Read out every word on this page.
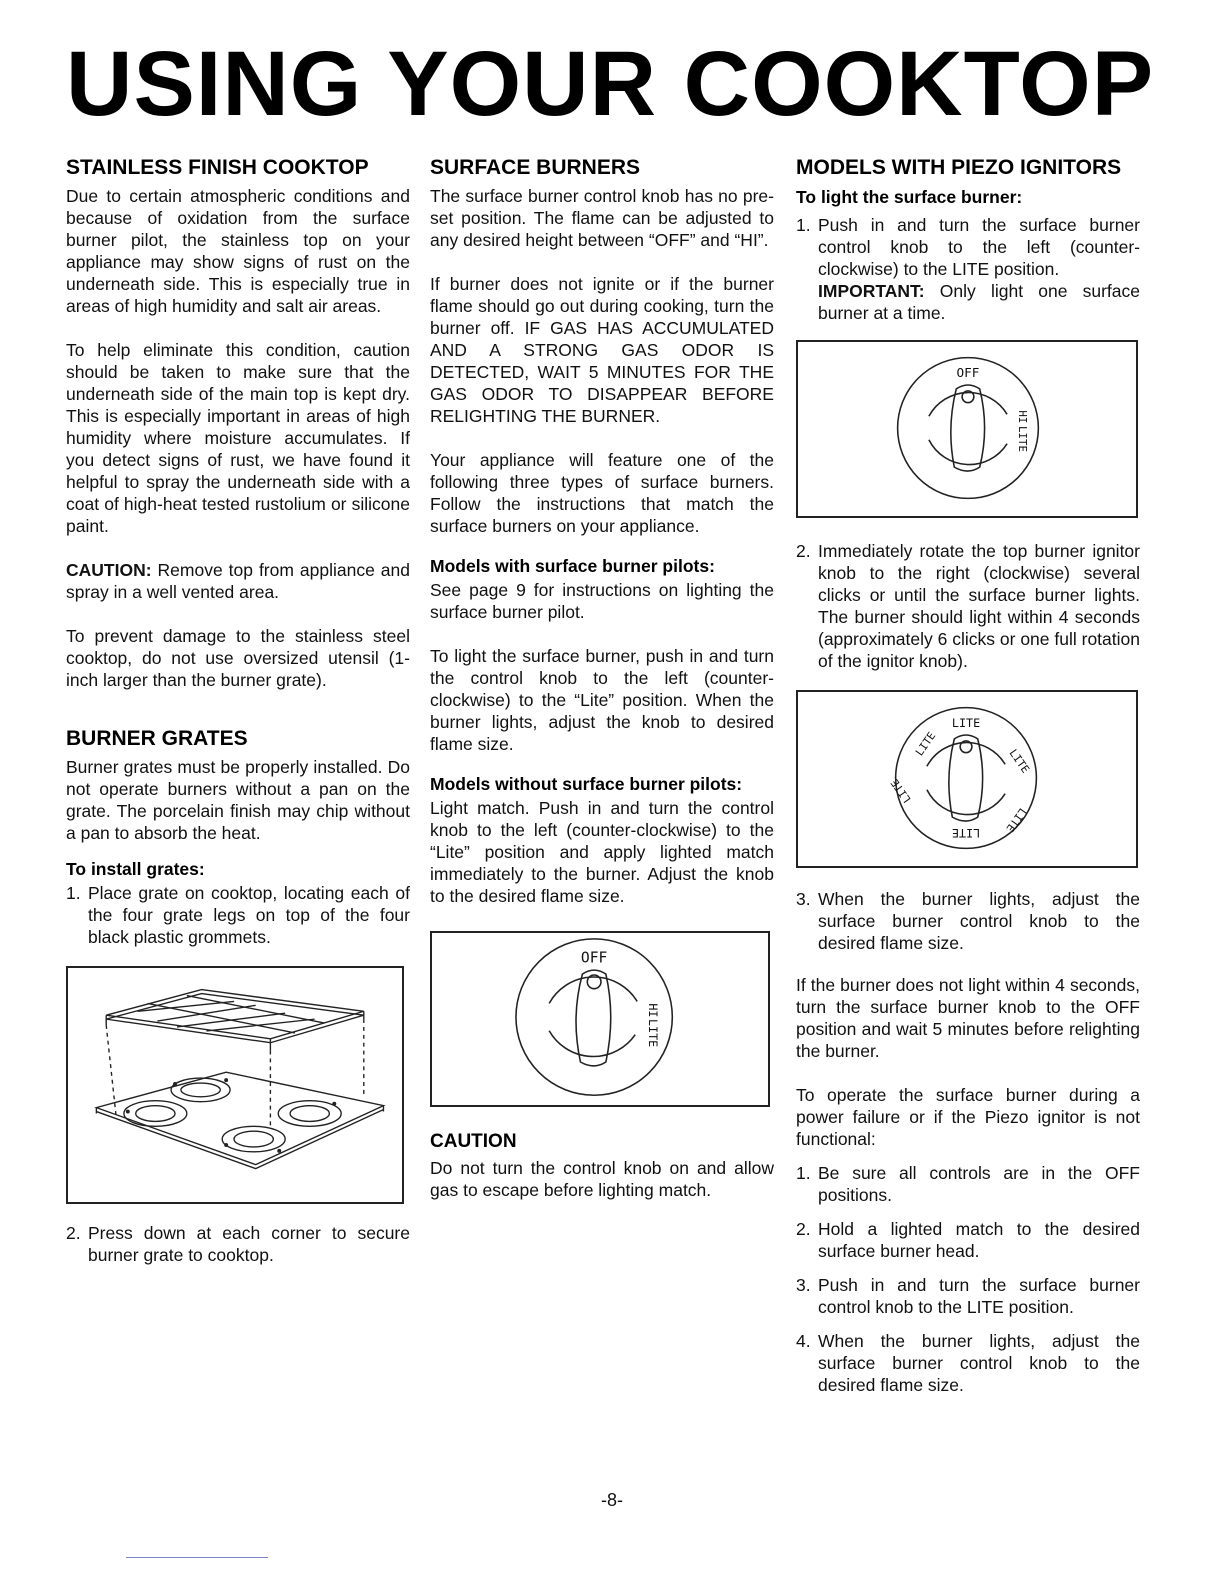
USING YOUR COOKTOP
STAINLESS FINISH COOKTOP

Due to certain atmospheric conditions and because of oxidation from the surface burner pilot, the stainless top on your appliance may show signs of rust on the underneath side. This is especially true in areas of high humidity and salt air areas.

To help eliminate this condition, caution should be taken to make sure that the underneath side of the main top is kept dry. This is especially important in areas of high humidity where moisture accumulates. If you detect signs of rust, we have found it helpful to spray the underneath side with a coat of high-heat tested rustolium or silicone paint.

CAUTION: Remove top from appliance and spray in a well vented area.

To prevent damage to the stainless steel cooktop, do not use oversized utensil (1-inch larger than the burner grate).

BURNER GRATES

Burner grates must be properly installed. Do not operate burners without a pan on the grate. The porcelain finish may chip without a pan to absorb the heat.

To install grates:
1. Place grate on cooktop, locating each of the four grate legs on top of the four black plastic grommets.
2. Press down at each corner to secure burner grate to cooktop.
SURFACE BURNERS

The surface burner control knob has no pre-set position. The flame can be adjusted to any desired height between “OFF” and “HI”.

If burner does not ignite or if the burner flame should go out during cooking, turn the burner off. IF GAS HAS ACCUMULATED AND A STRONG GAS ODOR IS DETECTED, WAIT 5 MINUTES FOR THE GAS ODOR TO DISAPPEAR BEFORE RELIGHTING THE BURNER.

Your appliance will feature one of the following three types of surface burners. Follow the instructions that match the surface burners on your appliance.

Models with surface burner pilots:

See page 9 for instructions on lighting the surface burner pilot.

To light the surface burner, push in and turn the control knob to the left (counter-clockwise) to the “Lite” position. When the burner lights, adjust the knob to desired flame size.

Models without surface burner pilots:

Light match. Push in and turn the control knob to the left (counter-clockwise) to the “Lite” position and apply lighted match immediately to the burner. Adjust the knob to the desired flame size.

OFF
HI
LITE
CAUTION

Do not turn the control knob on and allow gas to escape before lighting match.

MODELS WITH PIEZO IGNITORS
To light the surface burner:
1. Push in and turn the surface burner control knob to the left (counter-clockwise) to the LITE position.
IMPORTANT: Only light one surface burner at a time.
OFF
HI
LITE
2. Immediately rotate the top burner ignitor knob to the right (clockwise) several clicks or until the surface burner lights. The burner should light within 4 seconds (approximately 6 clicks or one full rotation of the ignitor knob).
LITE
LITE
LITE
LITE
LITE
LITE
3. When the burner lights, adjust the surface burner control knob to the desired flame size.

If the burner does not light within 4 seconds, turn the surface burner knob to the OFF position and wait 5 minutes before relighting the burner.

To operate the surface burner during a power failure or if the Piezo ignitor is not functional:

1. Be sure all controls are in the OFF positions.
2. Hold a lighted match to the desired surface burner head.
3. Push in and turn the surface burner control knob to the LITE position.
4. When the burner lights, adjust the surface burner control knob to the desired flame size.
-8-
